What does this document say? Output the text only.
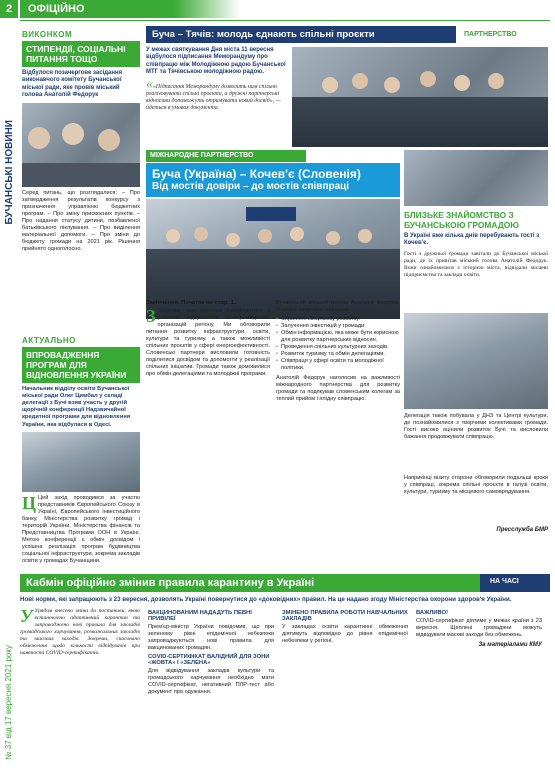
2	ОФІЦІЙНО
№ 37 від 17 вересня 2021 року
БУЧАНСЬКІ НОВИНИ
ВИКОНКОМ
СТИПЕНДІЇ, СОЦІАЛЬНІ ПИТАННЯ ТОЩО
Відбулося позачергове засідання виконавчого комітету Бучанської міської ради, яке провів міський голова Анатолій Федорук
Серед питань, що розглядалися: – Про затвердження результатів конкурсу з призначення управлінню бюджетних програм. – Про зміну присвоєних пунктів. – Про надання статусу дитини, позбавленої батьківського піклування. – Про виділення матеріальної допомоги. – Про зміни до бюджету громади на 2021 рік. Рішення прийнято одноголосно.
АКТУАЛЬНО
ВПРОВАДЖЕННЯ ПРОГРАМ ДЛЯ ВІДНОВЛЕННЯ УКРАЇНИ
Начальник відділу освіти Бучанської міської ради Олег Цимбал у складі делегації з Бучі взяв участь у другій щорічній конференції Надзвичайної кредитної програми для відновлення України, яка відбулася в Одесі.
Ц Цей захід проводився за участю представників Європейського Союзу в Україні, Європейського інвестиційного банку, Міністерства розвитку громад і територій України, Міністерства фінансів та Представництва Програми ООН в Україні. Метою конференції є обмін досвідом і успішна реалізація програм будівництва соціальної інфраструктури, зокрема закладів освіти у громадах Бучанщини.
Буча – Тячів: молодь єднають спільні проєкти	ПАРТНЕРСТВО
У межах святкування Дня міста 11 вересня відбулося підписання Меморандуму про співпрацю між Молодіжною радою Бучанської МТГ та Тячівською молодіжною радою.
««Підписання Меморандуму дозволить нам спільно реалізовувати спільні проєкти, а дружні партнерські відносини допоможуть отримувати новий досвід», — йдеться в умовах документа.
МІЖНАРОДНЕ ПАРТНЕРСТВО
Буча (Україна) – Кочев'є (Словенія)
Від мостів довіри – до мостів співпраці
БЛИЗЬКЕ ЗНАЙОМСТВО З БУЧАНСЬКОЮ ГРОМАДОЮ
В Україні вже кілька днів перебувають гості з Кочев'є.
Гості з дружньої громади завітали до Бучанської міської ради, де їх привітав міський голова Анатолій Федорук. Вони ознайомилися з історією міста, відвідали місцеві підприємства та заклади освіти.
Делегація також побувала у ДНЗ та Центрі культури, де познайомилися з творчими колективами громади. Гості високо оцінили розвиток Бучі та висловили бажання продовжувати співпрацю.
Наприкінці візиту сторони обговорили подальші кроки у співпраці, зокрема спільні проєкти в галузі освіти, культури, туризму та місцевого самоврядування.
Пресслужба БМР
Закінчення. Початок на стор. 1.
З Зокрема, нам вдалося ознайомитися з роботою підприємств та громадських організацій регіону. Ми обговорили питання розвитку інфраструктури, освіти, культури та туризму, а також можливості спільних проєктів у сфері енергоефективності. Словенські партнери висловили готовність поділитися досвідом та допомогти у реалізації спільних ініціатив. Громади також домовилися про обмін делегаціями та молодіжні програми.
Бучанський міський голова Анатолій Федорук. Основні напрямки співпраці:
• Сприяння місцевому розвитку.
• Залучення інвестицій у громади.
• Обмін інформацією, яка може бути корисною для розвитку партнерських відносин.
• Проведення спільних культурних заходів.
• Розвиток туризму та обмін делегаціями.
• Співпраця у сфері освіти та молодіжної політики.
Анатолій Федорук наголосив на важливості міжнародного партнерства для розвитку громади та подякував словенським колегам за теплий прийом і плідну співпрацю.
Кабмін офіційно змінив правила карантину в Україні	НА ЧАСІ
Нові норми, які запрацюють з 23 вересня, дозволять Україні повернутися до «доковідних» правил. На це надано згоду Міністерства охорони здоров'я України.
У Урядом внесено зміни до постанови, якою встановлено адаптивний карантин та запроваджено нові правила для закладів громадського харчування, розважальних закладів та масових заходів. Зокрема, скасовано обмеження щодо кількості відвідувачів при наявності COVID-сертифікатів.
ВАКЦИНОВАНИМ НАДАДУТЬ ПЕВНІ ПРИВІЛЕЇ
Прем'єр-міністр України повідомив, що при зеленому рівні епідемічної небезпеки запроваджуються нові правила для вакцинованих громадян.
COVID-СЕРТИФІКАТ ВАЛІДНИЙ ДЛЯ ЗОНИ «ЖОВТА» І «ЗЕЛЕНА»
Для відвідування закладів культури та громадського харчування необхідно мати COVID-сертифікат, негативний ПЛР-тест або документ про одужання.
ЗМІНЕНО ПРАВИЛА РОБОТИ НАВЧАЛЬНИХ ЗАКЛАДІВ
У закладах освіти карантинні обмеження діятимуть відповідно до рівня епідемічної небезпеки у регіоні.
ВАЖЛИВО!
COVID-сертифікат діятиме у межах країни з 23 вересня. Щеплені громадяни можуть відвідувати масові заходи без обмежень.
За матеріалами КМУ
